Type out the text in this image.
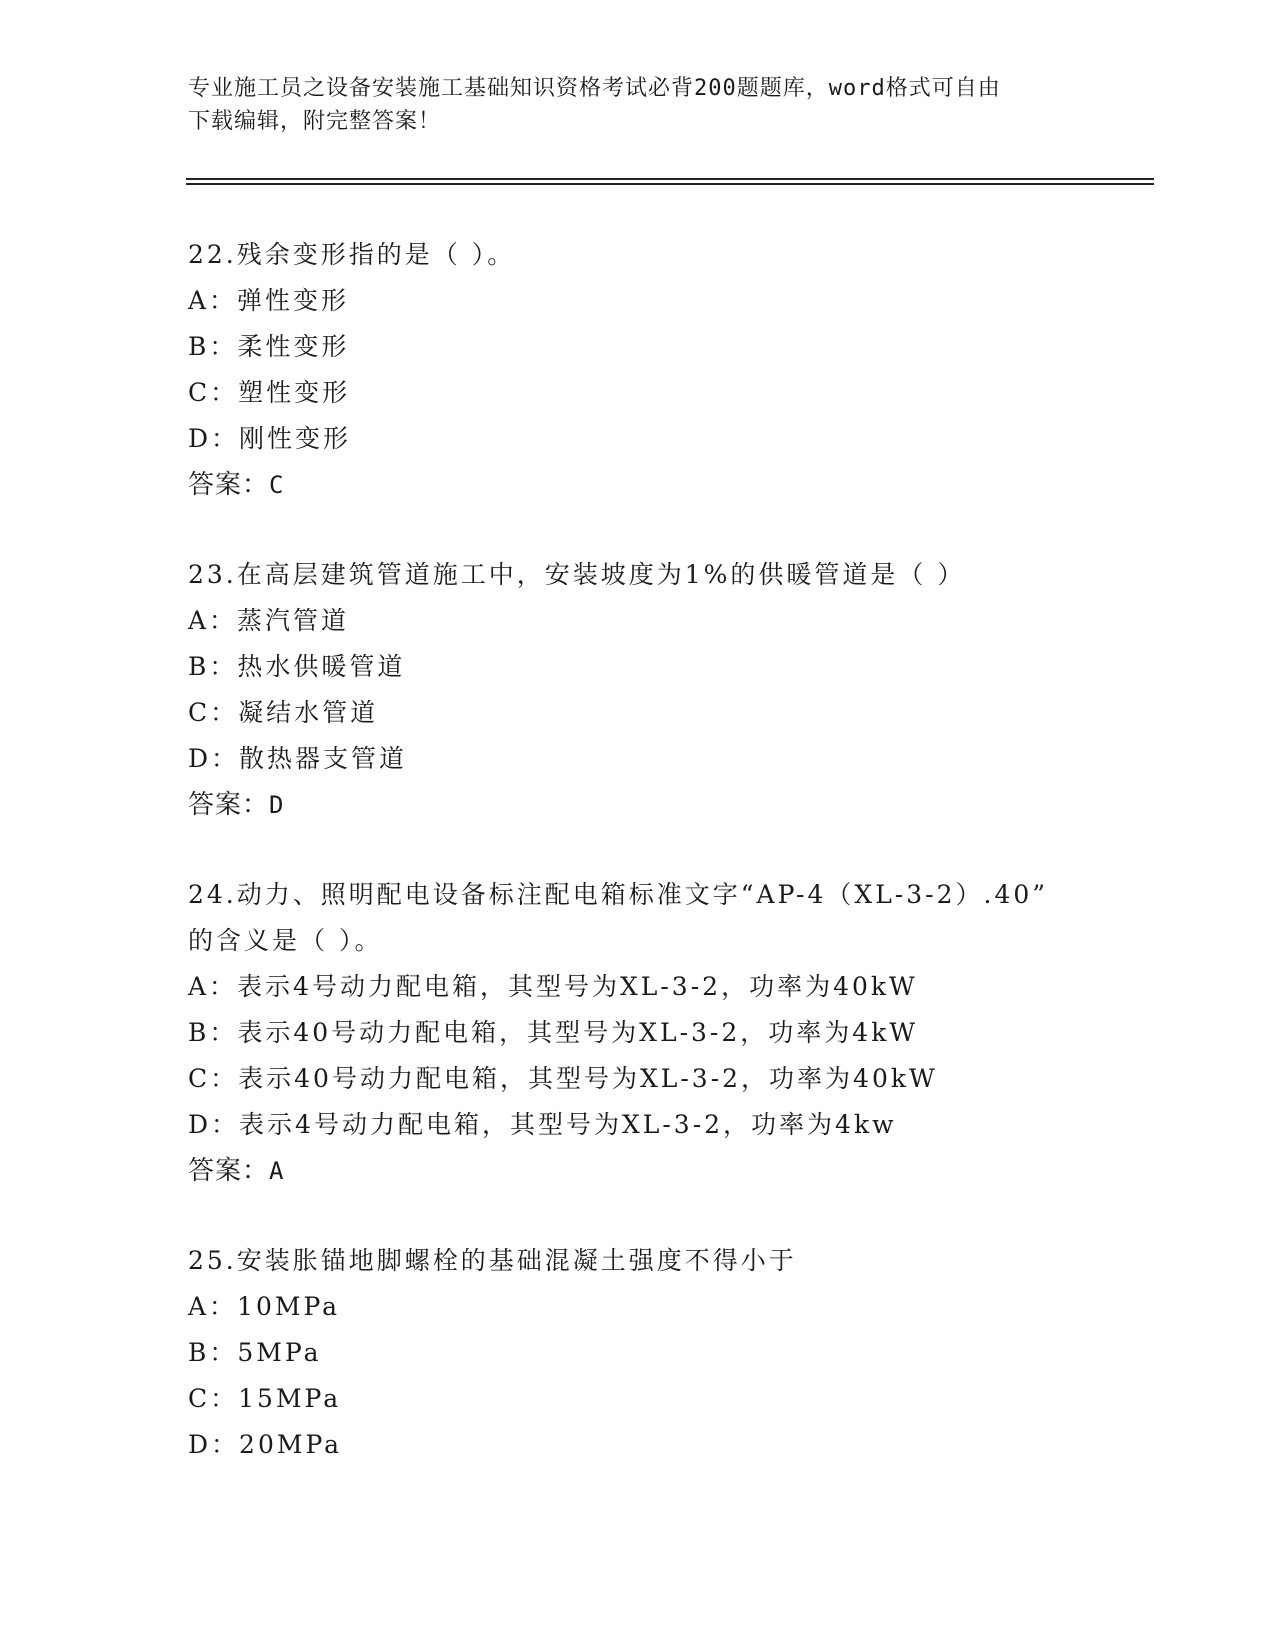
专业施工员之设备安装施工基础知识资格考试必背200题题库，word格式可自由
下载编辑，附完整答案！
22.残余变形指的是（ ）。
A：弹性变形
B：柔性变形
C：塑性变形
D：刚性变形
答案：C
23.在高层建筑管道施工中，安装坡度为1%的供暖管道是（ ）
A：蒸汽管道
B：热水供暖管道
C：凝结水管道
D：散热器支管道
答案：D
24.动力、照明配电设备标注配电箱标准文字“AP-4（XL-3-2）.40”
的含义是（ ）。
A：表示4号动力配电箱，其型号为XL-3-2，功率为40kW
B：表示40号动力配电箱，其型号为XL-3-2，功率为4kW
C：表示40号动力配电箱，其型号为XL-3-2，功率为40kW
D：表示4号动力配电箱，其型号为XL-3-2，功率为4kw
答案：A
25.安装胀锚地脚螺栓的基础混凝土强度不得小于
A：10MPa
B：5MPa
C：15MPa
D：20MPa
